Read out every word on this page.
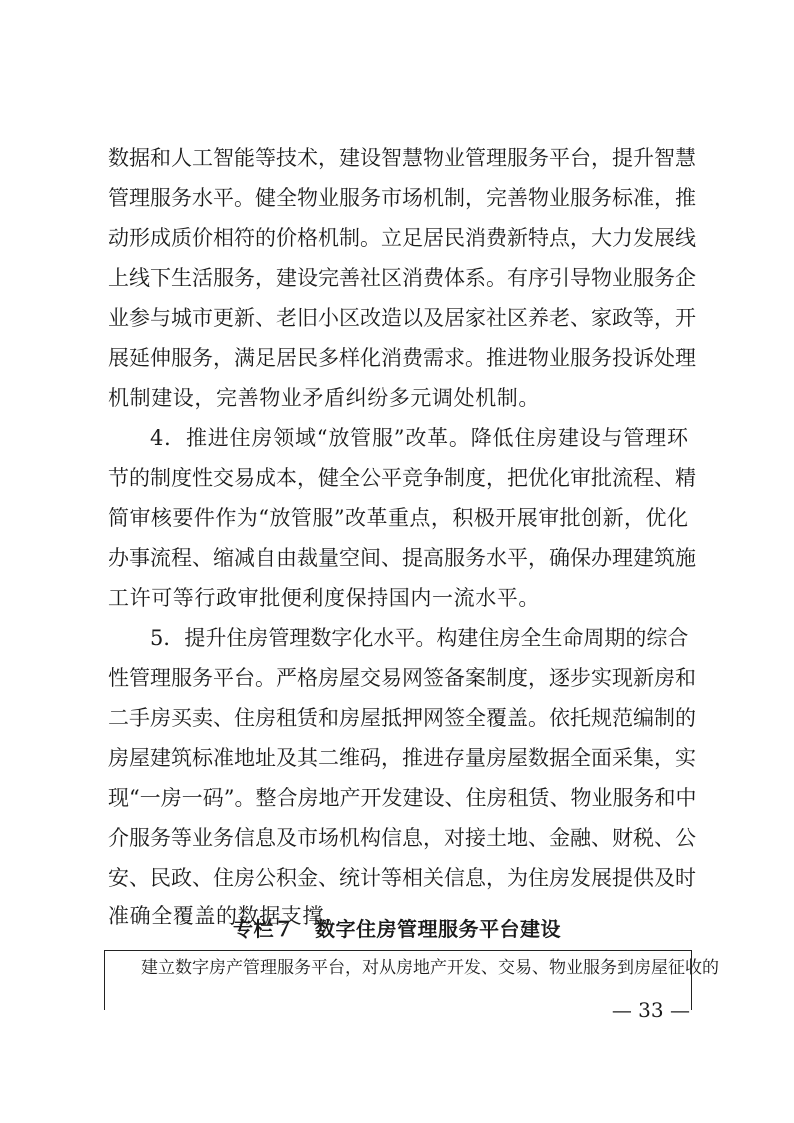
数据和人工智能等技术，建设智慧物业管理服务平台，提升智慧
管理服务水平。健全物业服务市场机制，完善物业服务标准，推
动形成质价相符的价格机制。立足居民消费新特点，大力发展线
上线下生活服务，建设完善社区消费体系。有序引导物业服务企
业参与城市更新、老旧小区改造以及居家社区养老、家政等，开
展延伸服务，满足居民多样化消费需求。推进物业服务投诉处理
机制建设，完善物业矛盾纠纷多元调处机制。
4．推进住房领域“放管服”改革。降低住房建设与管理环
节的制度性交易成本，健全公平竞争制度，把优化审批流程、精
简审核要件作为“放管服”改革重点，积极开展审批创新，优化
办事流程、缩减自由裁量空间、提高服务水平，确保办理建筑施
工许可等行政审批便利度保持国内一流水平。
5．提升住房管理数字化水平。构建住房全生命周期的综合
性管理服务平台。严格房屋交易网签备案制度，逐步实现新房和
二手房买卖、住房租赁和房屋抵押网签全覆盖。依托规范编制的
房屋建筑标准地址及其二维码，推进存量房屋数据全面采集，实
现“一房一码”。整合房地产开发建设、住房租赁、物业服务和中
介服务等业务信息及市场机构信息，对接土地、金融、财税、公
安、民政、住房公积金、统计等相关信息，为住房发展提供及时
准确全覆盖的数据支撑。
专栏７　数字住房管理服务平台建设
建立数字房产管理服务平台，对从房地产开发、交易、物业服务到房屋征收的
— 33 —
